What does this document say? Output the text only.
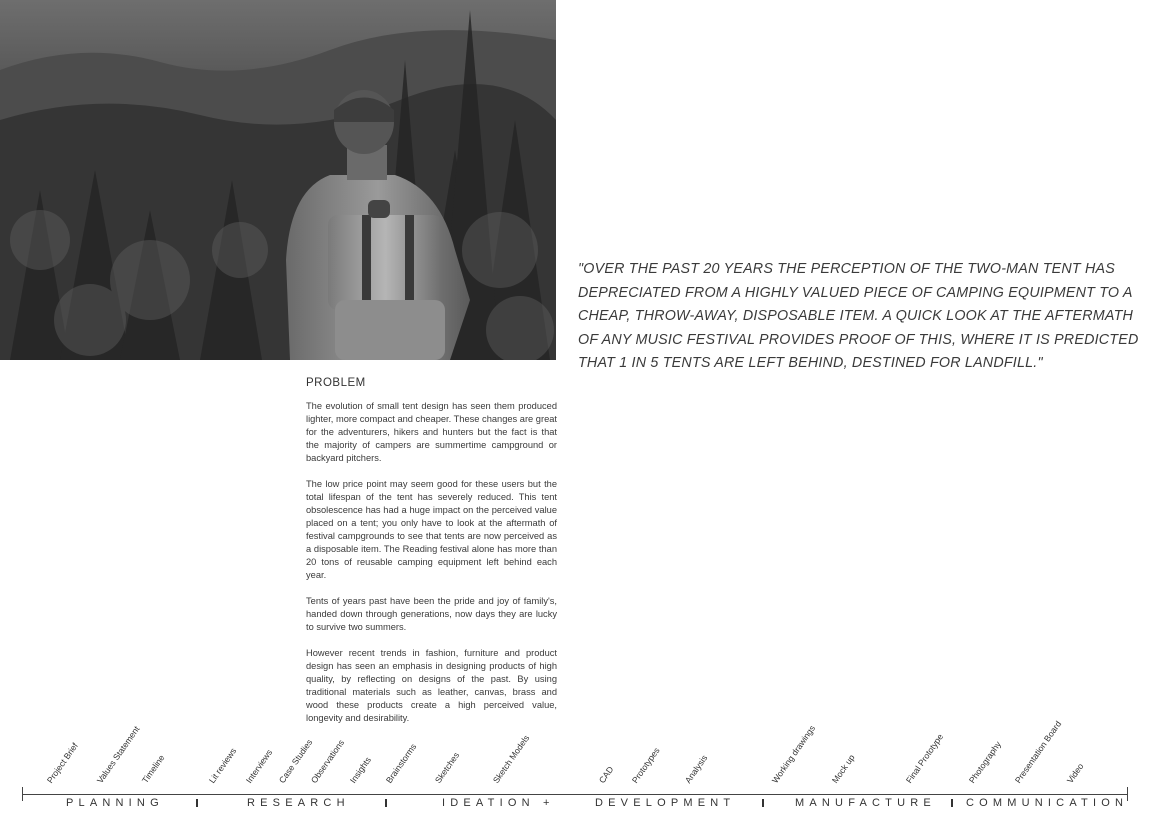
"OVER THE PAST 20 YEARS THE PERCEPTION OF THE TWO-MAN TENT HAS DEPRECIATED FROM A HIGHLY VALUED PIECE OF CAMPING EQUIPMENT TO A CHEAP, THROW-AWAY, DISPOSABLE ITEM. A QUICK LOOK AT THE AFTERMATH OF ANY MUSIC FESTIVAL PROVIDES PROOF OF THIS, WHERE IT IS PREDICTED THAT 1 IN 5 TENTS ARE LEFT BEHIND, DESTINED FOR LANDFILL."
PROBLEM

The evolution of small tent design has seen them produced lighter, more compact and cheaper. These changes are great for the adventurers, hikers and hunters but the fact is that the majority of campers are summertime campground or backyard pitchers.

The low price point may seem good for these users but the total lifespan of the tent has severely reduced. This tent obsolescence has had a huge impact on the perceived value placed on a tent; you only have to look at the aftermath of festival campgrounds to see that tents are now perceived as a disposable item. The Reading festival alone has more than 20 tons of reusable camping equipment left behind each year.

Tents of years past have been the pride and joy of family's, handed down through generations, now days they are lucky to survive two summers.

However recent trends in fashion, furniture and product design has seen an emphasis in designing products of high quality, by reflecting on designs of the past. By using traditional materials such as leather, canvas, brass and wood these products create a high perceived value, longevity and desirability.

Project Brief Values Statement
Timeline	Lit reviews Interviews Case Studies
Observations Insights Brainstorms Sketches	Sketch Models	CAD Prototypes Analysis	Working drawings Mock up	Final Prototype	Photography Presentation Board Video
PLANNING	RESEARCH	IDEATION +	DEVELOPMENT	MANUFACTURE	COMMUNICATION
